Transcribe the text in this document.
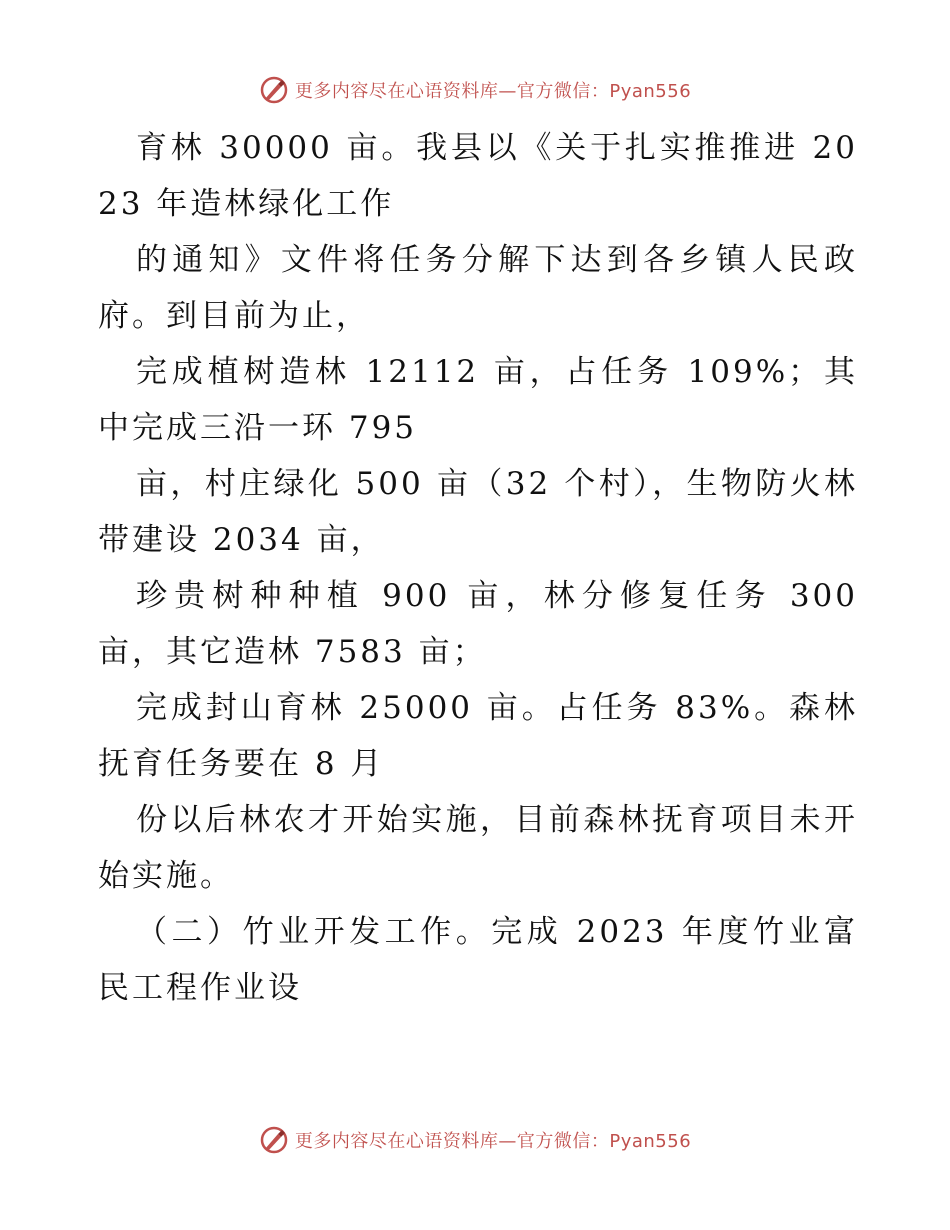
更多内容尽在心语资料库—官方微信：Pyan556

育林 30000 亩。我县以《关于扎实推推进 2023 年造林绿化工作

的通知》文件将任务分解下达到各乡镇人民政府。到目前为止，

完成植树造林 12112 亩，占任务 109%；其中完成三沿一环 795

亩，村庄绿化 500 亩（32 个村），生物防火林带建设 2034 亩，

珍贵树种种植 900 亩，林分修复任务 300 亩，其它造林 7583 亩；

完成封山育林 25000 亩。占任务 83%。森林抚育任务要在 8 月

份以后林农才开始实施，目前森林抚育项目未开始实施。

（二）竹业开发工作。完成 2023 年度竹业富民工程作业设

更多内容尽在心语资料库—官方微信：Pyan556
